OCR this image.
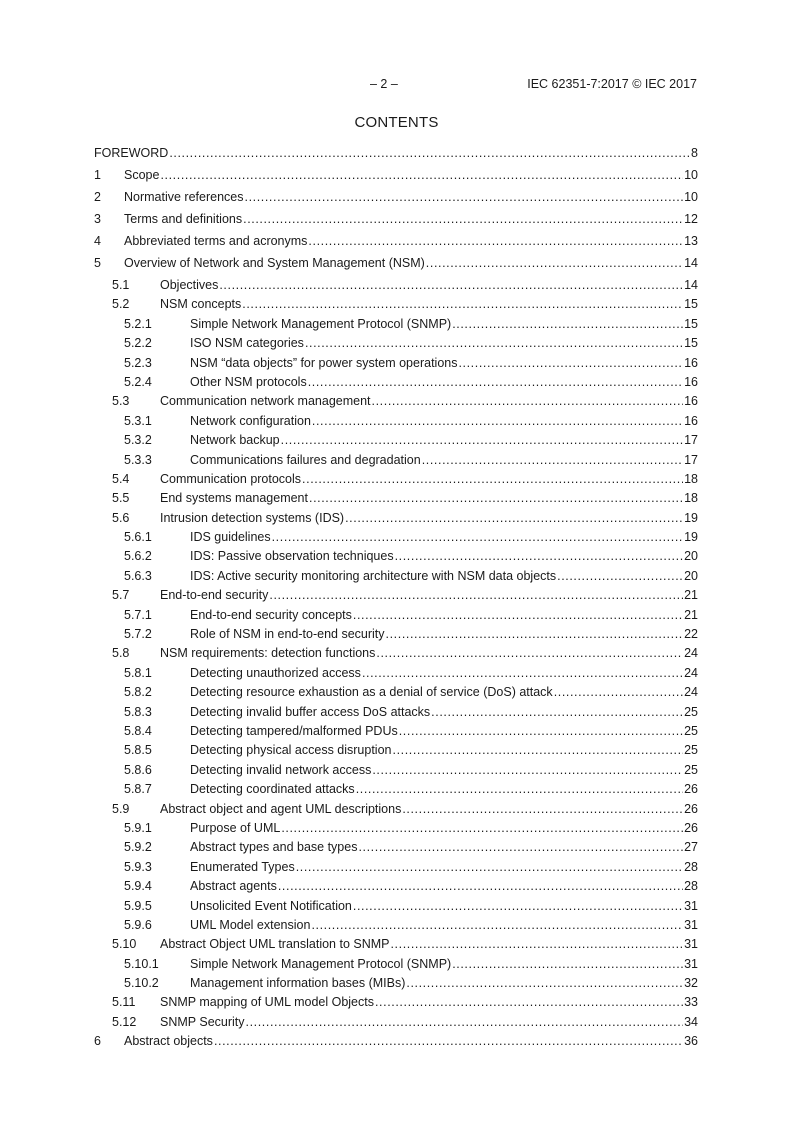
– 2 –	IEC 62351-7:2017 © IEC 2017
CONTENTS
FOREWORD .....	8
1	Scope .....	10
2	Normative references .....	10
3	Terms and definitions .....	12
4	Abbreviated terms and acronyms .....	13
5	Overview of Network and System Management (NSM) .....	14
5.1	Objectives .....	14
5.2	NSM concepts .....	15
5.2.1	Simple Network Management Protocol (SNMP) .....	15
5.2.2	ISO NSM categories .....	15
5.2.3	NSM “data objects” for power system operations .....	16
5.2.4	Other NSM protocols .....	16
5.3	Communication network management .....	16
5.3.1	Network configuration .....	16
5.3.2	Network backup .....	17
5.3.3	Communications failures and degradation .....	17
5.4	Communication protocols .....	18
5.5	End systems management .....	18
5.6	Intrusion detection systems (IDS) .....	19
5.6.1	IDS guidelines .....	19
5.6.2	IDS: Passive observation techniques .....	20
5.6.3	IDS: Active security monitoring architecture with NSM data objects .....	20
5.7	End-to-end security .....	21
5.7.1	End-to-end security concepts .....	21
5.7.2	Role of NSM in end-to-end security .....	22
5.8	NSM requirements: detection functions .....	24
5.8.1	Detecting unauthorized access .....	24
5.8.2	Detecting resource exhaustion as a denial of service (DoS) attack .....	24
5.8.3	Detecting invalid buffer access DoS attacks .....	25
5.8.4	Detecting tampered/malformed PDUs .....	25
5.8.5	Detecting physical access disruption .....	25
5.8.6	Detecting invalid network access .....	25
5.8.7	Detecting coordinated attacks .....	26
5.9	Abstract object and agent UML descriptions .....	26
5.9.1	Purpose of UML .....	26
5.9.2	Abstract types and base types .....	27
5.9.3	Enumerated Types .....	28
5.9.4	Abstract agents .....	28
5.9.5	Unsolicited Event Notification .....	31
5.9.6	UML Model extension .....	31
5.10	Abstract Object UML translation to SNMP .....	31
5.10.1	Simple Network Management Protocol (SNMP) .....	31
5.10.2	Management information bases (MIBs) .....	32
5.11	SNMP mapping of UML model Objects .....	33
5.12	SNMP Security .....	34
6	Abstract objects .....	36
